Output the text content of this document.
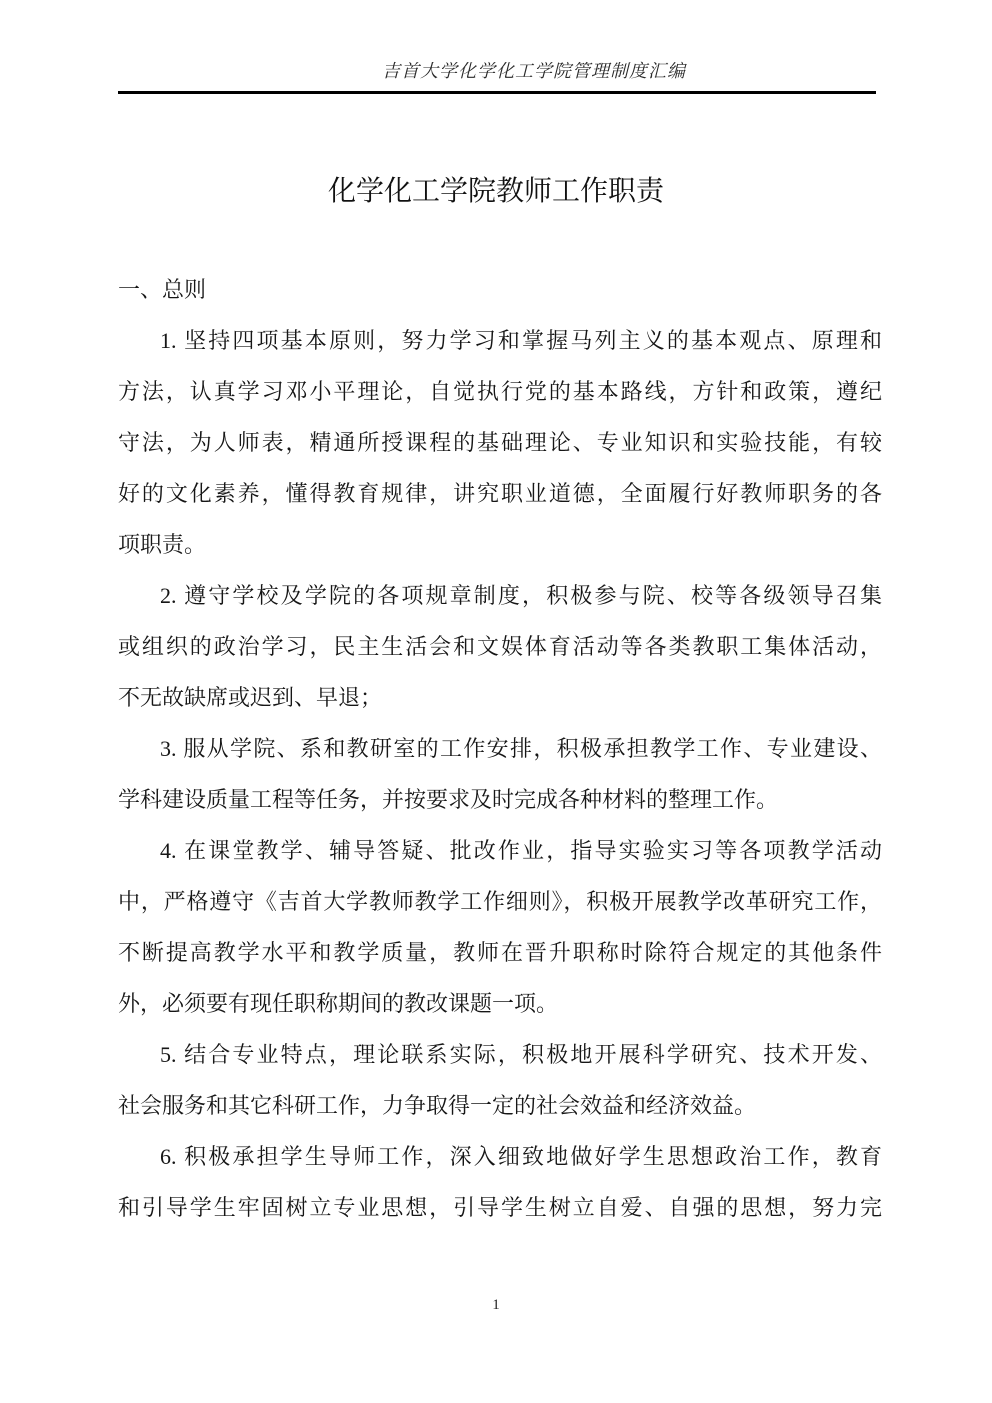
吉首大学化学化工学院管理制度汇编
化学化工学院教师工作职责
一、总则
1. 坚持四项基本原则，努力学习和掌握马列主义的基本观点、原理和
方法，认真学习邓小平理论，自觉执行党的基本路线，方针和政策，遵纪
守法，为人师表，精通所授课程的基础理论、专业知识和实验技能，有较
好的文化素养，懂得教育规律，讲究职业道德，全面履行好教师职务的各
项职责。
2. 遵守学校及学院的各项规章制度，积极参与院、校等各级领导召集
或组织的政治学习，民主生活会和文娱体育活动等各类教职工集体活动，
不无故缺席或迟到、早退；
3. 服从学院、系和教研室的工作安排，积极承担教学工作、专业建设、
学科建设质量工程等任务，并按要求及时完成各种材料的整理工作。
4. 在课堂教学、辅导答疑、批改作业，指导实验实习等各项教学活动
中，严格遵守《吉首大学教师教学工作细则》，积极开展教学改革研究工作，
不断提高教学水平和教学质量，教师在晋升职称时除符合规定的其他条件
外，必须要有现任职称期间的教改课题一项。
5. 结合专业特点，理论联系实际，积极地开展科学研究、技术开发、
社会服务和其它科研工作，力争取得一定的社会效益和经济效益。
6. 积极承担学生导师工作，深入细致地做好学生思想政治工作，教育
和引导学生牢固树立专业思想，引导学生树立自爱、自强的思想，努力完
1
